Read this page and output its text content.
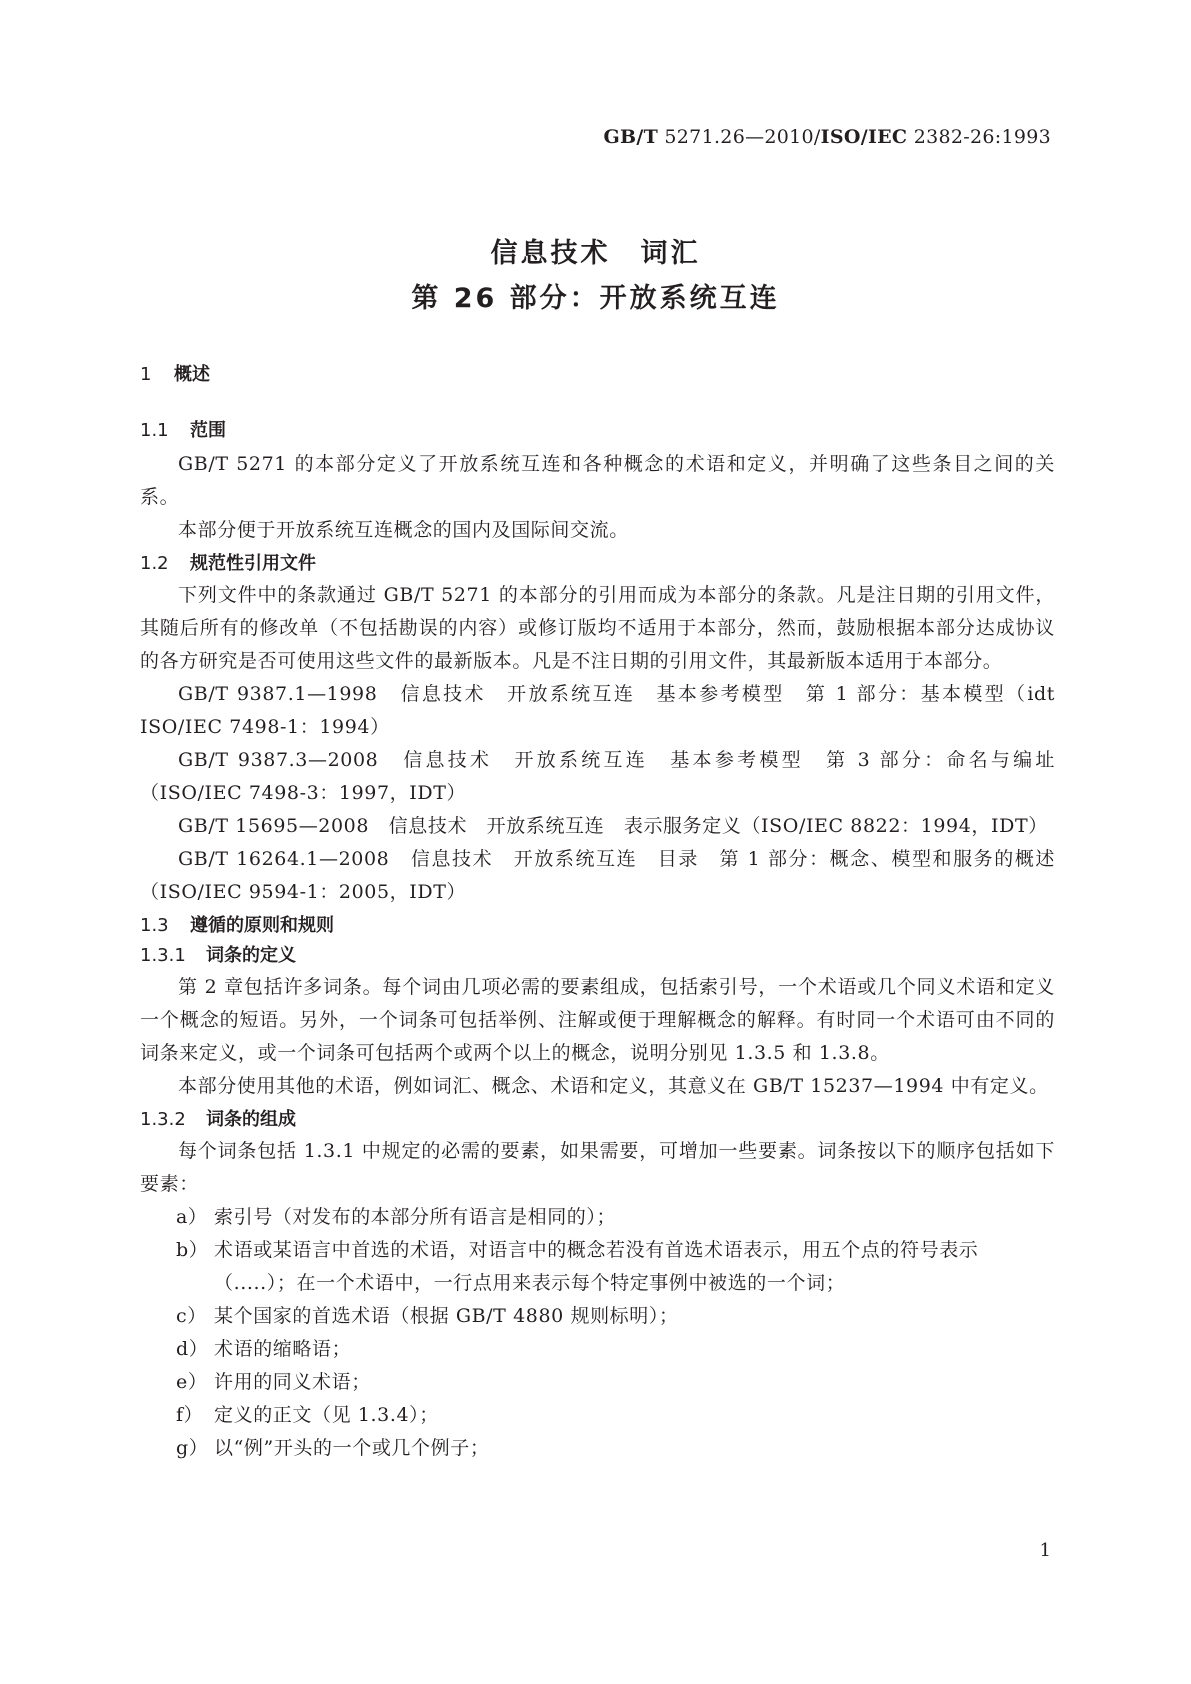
GB/T 5271.26—2010/ISO/IEC 2382-26:1993
信息技术　词汇
第 26 部分：开放系统互连
1 概述
1.1 范围

GB/T 5271 的本部分定义了开放系统互连和各种概念的术语和定义，并明确了这些条目之间的关系。

本部分便于开放系统互连概念的国内及国际间交流。

1.2 规范性引用文件

下列文件中的条款通过 GB/T 5271 的本部分的引用而成为本部分的条款。凡是注日期的引用文件，其随后所有的修改单（不包括勘误的内容）或修订版均不适用于本部分，然而，鼓励根据本部分达成协议的各方研究是否可使用这些文件的最新版本。凡是不注日期的引用文件，其最新版本适用于本部分。

GB/T 9387.1—1998　信息技术　开放系统互连　基本参考模型　第 1 部分：基本模型（idt ISO/IEC 7498-1：1994）

GB/T 9387.3—2008　信息技术　开放系统互连　基本参考模型　第 3 部分：命名与编址（ISO/IEC 7498-3：1997，IDT）

GB/T 15695—2008　信息技术　开放系统互连　表示服务定义（ISO/IEC 8822：1994，IDT）

GB/T 16264.1—2008　信息技术　开放系统互连　目录　第 1 部分：概念、模型和服务的概述（ISO/IEC 9594-1：2005，IDT）

1.3 遵循的原则和规则
1.3.1 词条的定义

第 2 章包括许多词条。每个词由几项必需的要素组成，包括索引号，一个术语或几个同义术语和定义一个概念的短语。另外，一个词条可包括举例、注解或便于理解概念的解释。有时同一个术语可由不同的词条来定义，或一个词条可包括两个或两个以上的概念，说明分别见 1.3.5 和 1.3.8。

本部分使用其他的术语，例如词汇、概念、术语和定义，其意义在 GB/T 15237—1994 中有定义。

1.3.2 词条的组成

每个词条包括 1.3.1 中规定的必需的要素，如果需要，可增加一些要素。词条按以下的顺序包括如下要素：

a） 索引号（对发布的本部分所有语言是相同的）；

b） 术语或某语言中首选的术语，对语言中的概念若没有首选术语表示，用五个点的符号表示（.....）；在一个术语中，一行点用来表示每个特定事例中被选的一个词；

c） 某个国家的首选术语（根据 GB/T 4880 规则标明）；

d） 术语的缩略语；

e） 许用的同义术语；

f） 定义的正文（见 1.3.4）；

g） 以“例”开头的一个或几个例子；

1
